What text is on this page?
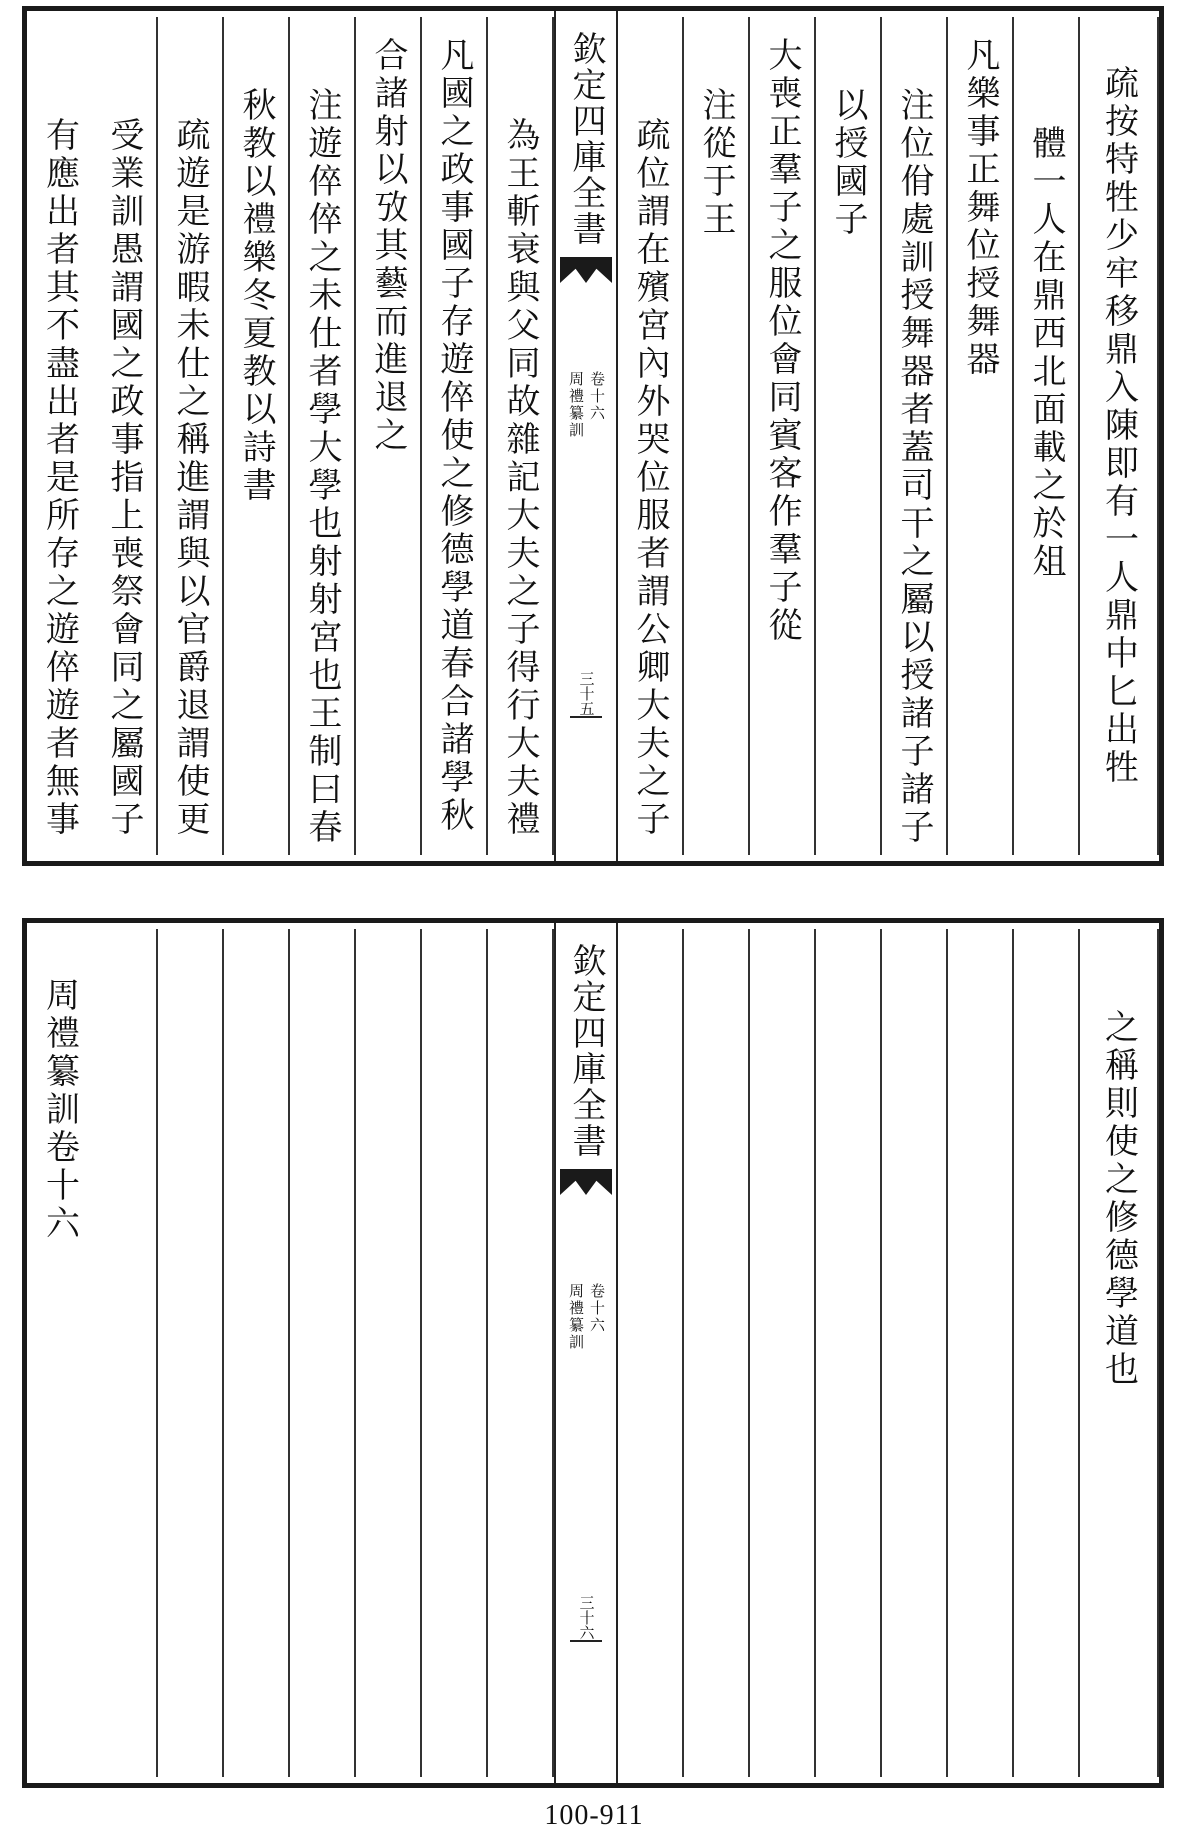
疏按特牲少牢移鼎入陳即有一人鼎中匕出牲
體一人在鼎西北面載之於俎
凡樂事正舞位授舞器
注位佾處訓授舞器者蓋司干之屬以授諸子諸子
以授國子
大喪正羣子之服位會同賓客作羣子從
注從于王
疏位謂在殯宮內外哭位服者謂公卿大夫之子
欽定四庫全書
周禮纂訓 卷十六
三十五
為王斬衰與父同故雜記大夫之子得行大夫禮
凡國之政事國子存遊倅使之修德學道春合諸學秋
合諸射以攷其藝而進退之
注遊倅倅之未仕者學大學也射射宮也王制曰春
秋教以禮樂冬夏教以詩書
疏遊是游暇未仕之稱進謂與以官爵退謂使更
受業訓愚謂國之政事指上喪祭會同之屬國子
有應出者其不盡出者是所存之遊倅遊者無事
之稱則使之修德學道也
欽定四庫全書
周禮纂訓 卷十六
三十六
周禮纂訓卷十六
100-911
